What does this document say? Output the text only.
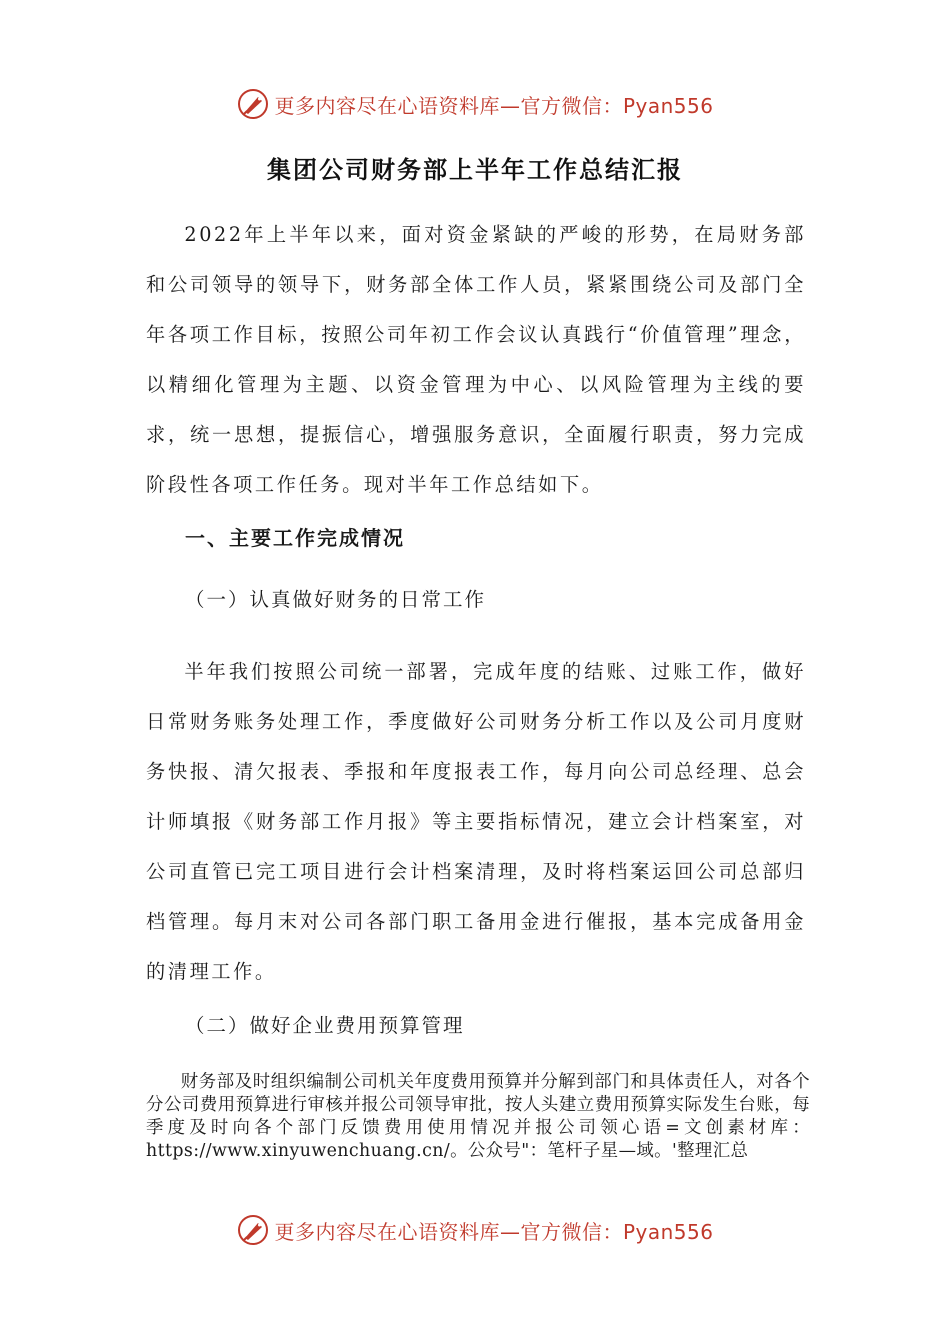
更多内容尽在心语资料库—官方微信：Pyan556
集团公司财务部上半年工作总结汇报

2022年上半年以来，面对资金紧缺的严峻的形势，在局财务部和公司领导的领导下，财务部全体工作人员，紧紧围绕公司及部门全年各项工作目标，按照公司年初工作会议认真践行“价值管理”理念，以精细化管理为主题、以资金管理为中心、以风险管理为主线的要求，统一思想，提振信心，增强服务意识，全面履行职责，努力完成阶段性各项工作任务。现对半年工作总结如下。

一、主要工作完成情况
（一）认真做好财务的日常工作

半年我们按照公司统一部署，完成年度的结账、过账工作，做好日常财务账务处理工作，季度做好公司财务分析工作以及公司月度财务快报、清欠报表、季报和年度报表工作，每月向公司总经理、总会计师填报《财务部工作月报》等主要指标情况，建立会计档案室，对公司直管已完工项目进行会计档案清理，及时将档案运回公司总部归档管理。每月末对公司各部门职工备用金进行催报，基本完成备用金的清理工作。

（二）做好企业费用预算管理

财务部及时组织编制公司机关年度费用预算并分解到部门和具体责任人，对各个分公司费用预算进行审核并报公司领导审批，按人头建立费用预算实际发生台账，每季度及时向各个部门反馈费用使用情况并报公司领心语=文创素材库：https://www.xinyuwenchuang.cn/。公众号"：笔杆子星—域。'整理汇总

更多内容尽在心语资料库—官方微信：Pyan556
